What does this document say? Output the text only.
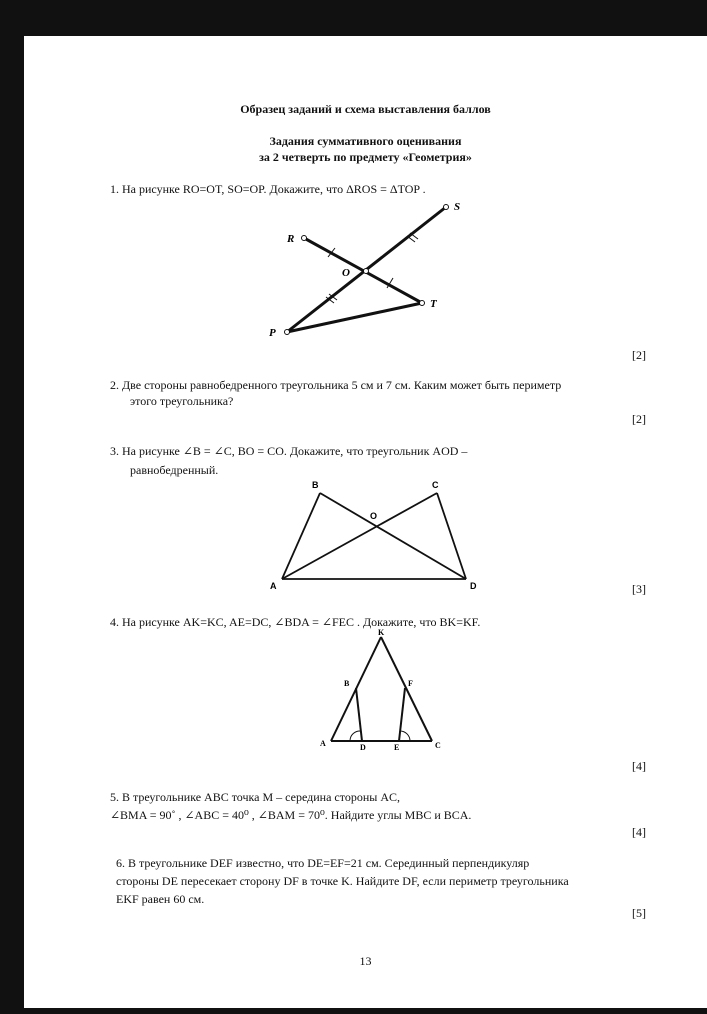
Образец заданий и схема выставления баллов
Задания суммативного оценивания
за 2 четверть по предмету «Геометрия»
1. На рисунке RO=OT, SO=OP. Докажите, что ΔROS = ΔTOP .
S
R
O
T
P
[2]
2. Две стороны равнобедренного треугольника 5 см и 7 см. Каким может быть периметр
этого треугольника?
[2]
3. На рисунке ∠B = ∠C, BO = CO. Докажите, что треугольник AOD –
равнобедренный.
B	C
O
A	D	[3]
4. На рисунке AK=KC, AE=DC, ∠BDA = ∠FEC . Докажите, что BK=KF.
K
B	F
A	D	E	C
[4]
5. В треугольнике ABC точка M – середина стороны AC,
∠BMA = 90˚ , ∠ABC = 40⁰ , ∠BAM = 70⁰. Найдите углы MBC и BCA.
[4]
6. В треугольнике DEF известно, что DE=EF=21 см. Серединный перпендикуляр
стороны DE пересекает сторону DF в точке K. Найдите DF, если периметр треугольника
EKF равен 60 см.
[5]
13
